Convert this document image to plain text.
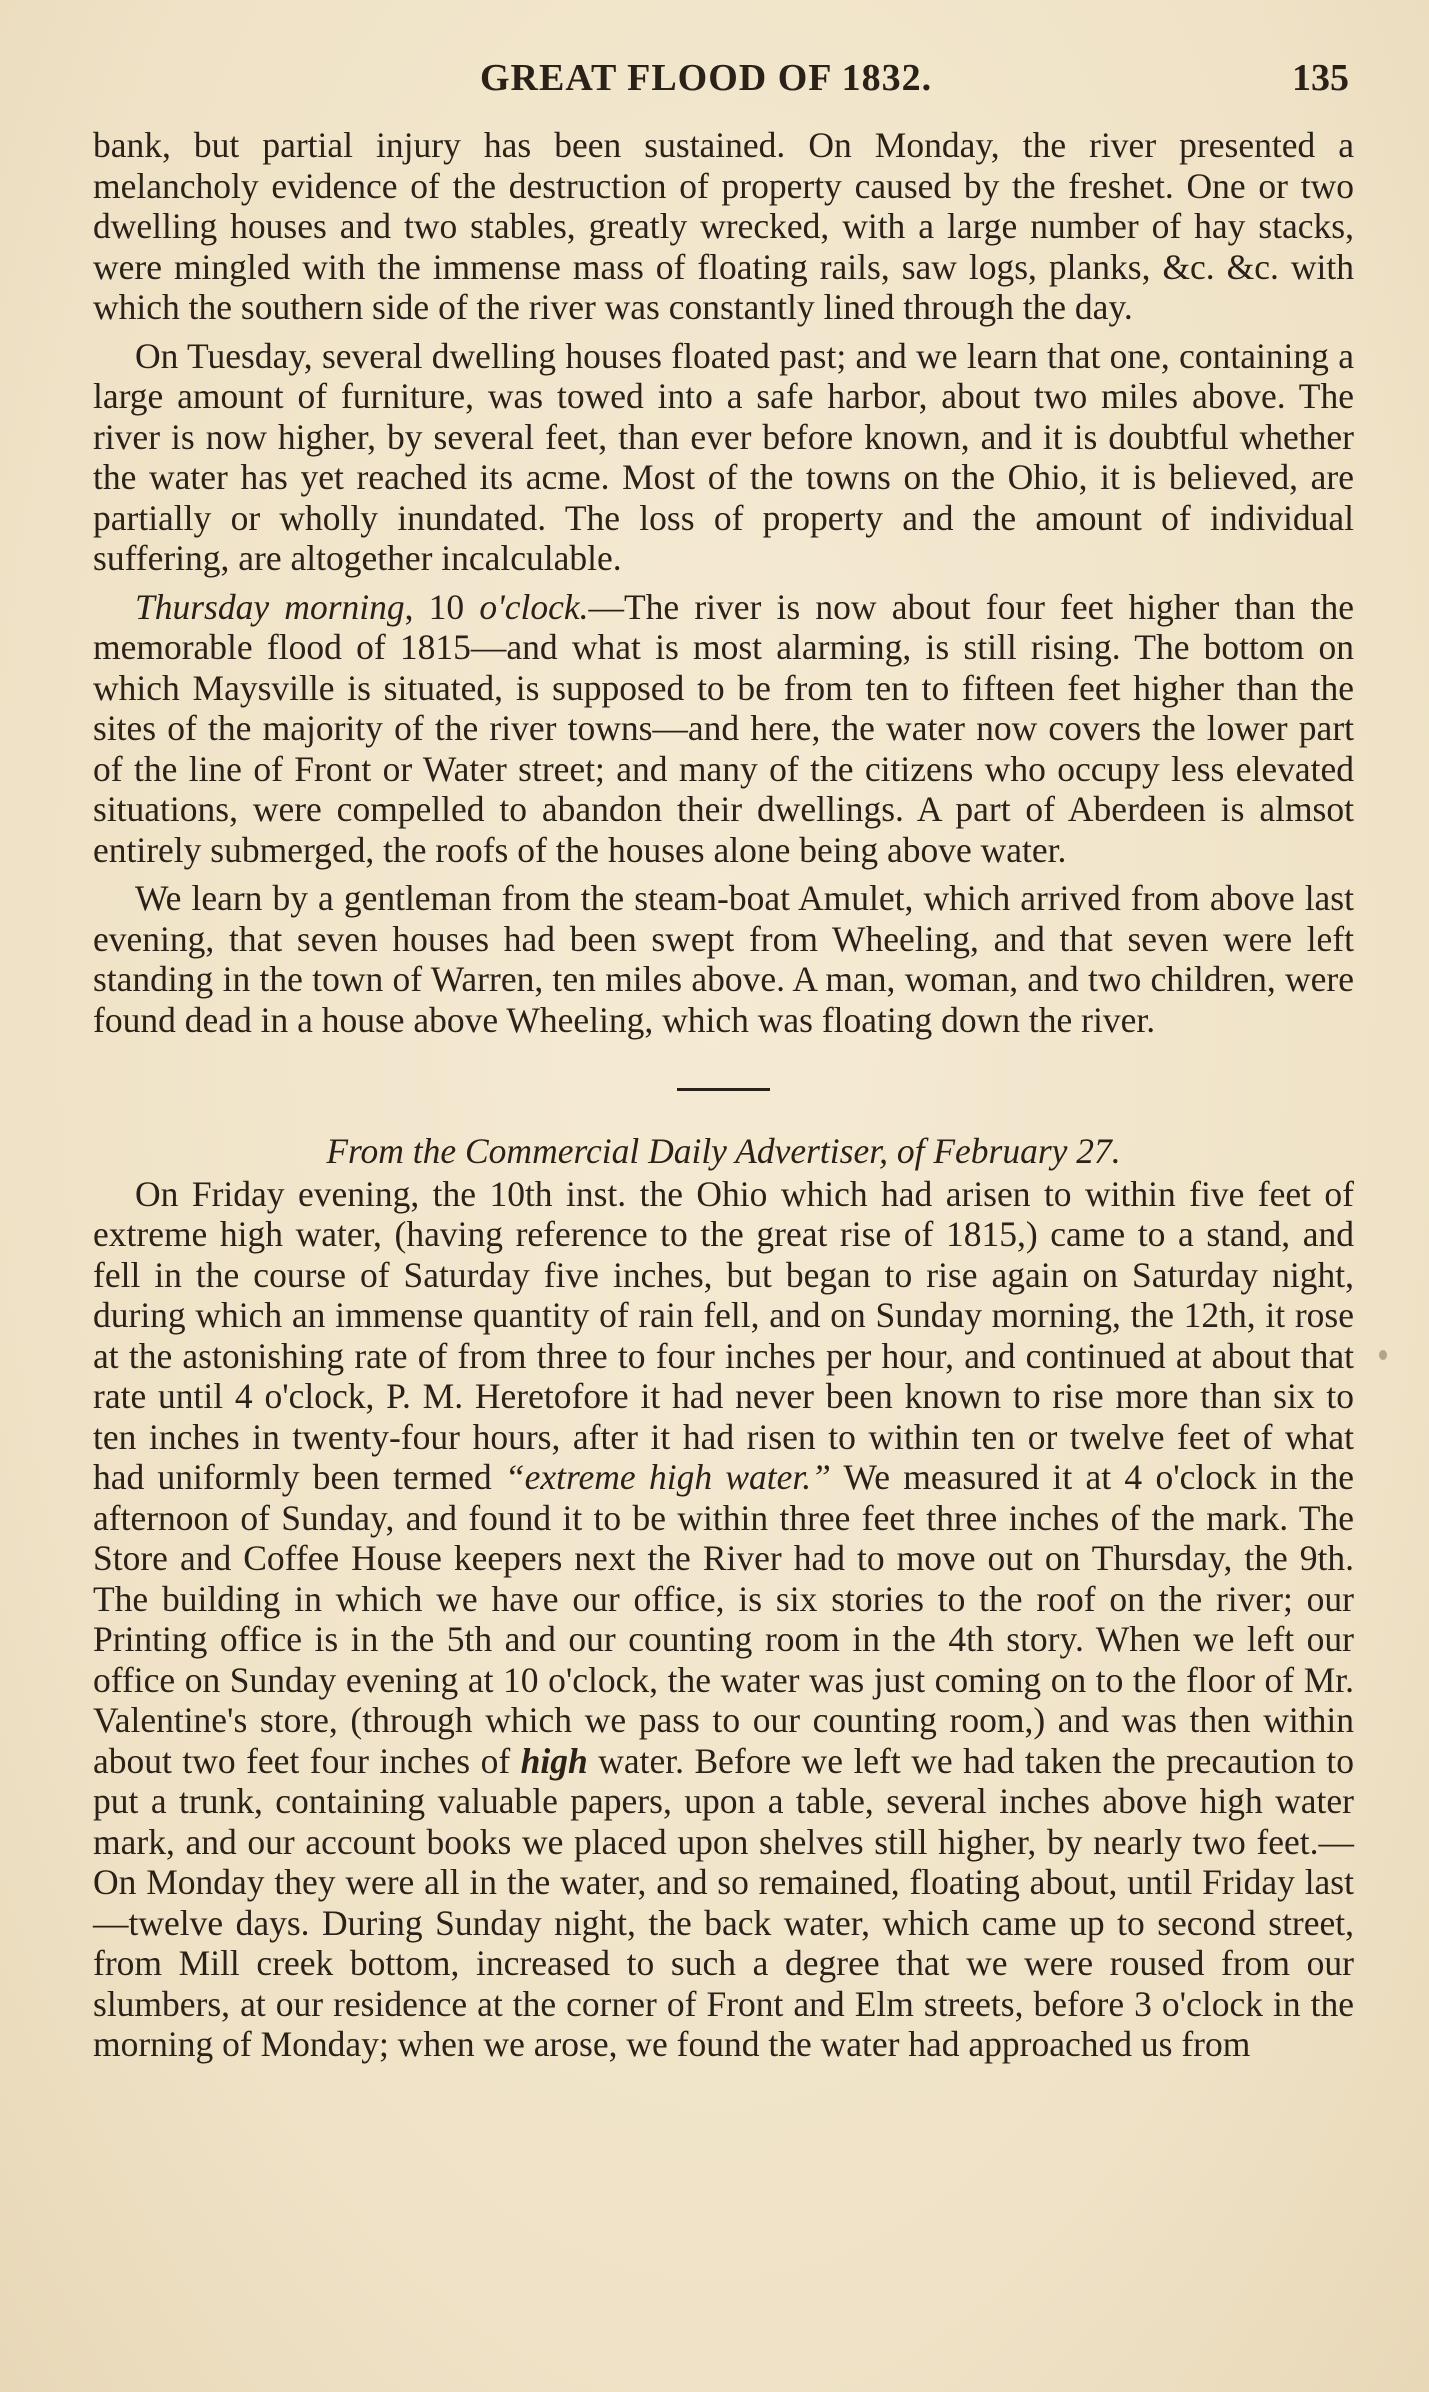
GREAT FLOOD OF 1832.	135

bank, but partial injury has been sustained. On Monday, the river presented a melancholy evidence of the destruction of property caused by the freshet. One or two dwelling houses and two stables, greatly wrecked, with a large number of hay stacks, were mingled with the immense mass of floating rails, saw logs, planks, &c. &c. with which the southern side of the river was constantly lined through the day.

On Tuesday, several dwelling houses floated past; and we learn that one, containing a large amount of furniture, was towed into a safe harbor, about two miles above. The river is now higher, by several feet, than ever before known, and it is doubtful whether the water has yet reached its acme. Most of the towns on the Ohio, it is believed, are partially or wholly inundated. The loss of property and the amount of individual suffering, are altogether incalculable.

Thursday morning, 10 o'clock.—The river is now about four feet higher than the memorable flood of 1815—and what is most alarming, is still rising. The bottom on which Maysville is situated, is supposed to be from ten to fifteen feet higher than the sites of the majority of the river towns—and here, the water now covers the lower part of the line of Front or Water street; and many of the citizens who occupy less elevated situations, were compelled to abandon their dwellings. A part of Aberdeen is almsot entirely submerged, the roofs of the houses alone being above water.

We learn by a gentleman from the steam-boat Amulet, which arrived from above last evening, that seven houses had been swept from Wheeling, and that seven were left standing in the town of Warren, ten miles above. A man, woman, and two children, were found dead in a house above Wheeling, which was floating down the river.

From the Commercial Daily Advertiser, of February 27.

On Friday evening, the 10th inst. the Ohio which had arisen to within five feet of extreme high water, (having reference to the great rise of 1815,) came to a stand, and fell in the course of Saturday five inches, but began to rise again on Saturday night, during which an immense quantity of rain fell, and on Sunday morning, the 12th, it rose at the astonishing rate of from three to four inches per hour, and continued at about that rate until 4 o'clock, P. M. Heretofore it had never been known to rise more than six to ten inches in twenty-four hours, after it had risen to within ten or twelve feet of what had uniformly been termed “extreme high water.” We measured it at 4 o'clock in the afternoon of Sunday, and found it to be within three feet three inches of the mark. The Store and Coffee House keepers next the River had to move out on Thursday, the 9th. The building in which we have our office, is six stories to the roof on the river; our Printing office is in the 5th and our counting room in the 4th story. When we left our office on Sunday evening at 10 o'clock, the water was just coming on to the floor of Mr. Valentine's store, (through which we pass to our counting room,) and was then within about two feet four inches of high water. Before we left we had taken the precaution to put a trunk, containing valuable papers, upon a table, several inches above high water mark, and our account books we placed upon shelves still higher, by nearly two feet.—On Monday they were all in the water, and so remained, floating about, until Friday last—twelve days. During Sunday night, the back water, which came up to second street, from Mill creek bottom, increased to such a degree that we were roused from our slumbers, at our residence at the corner of Front and Elm streets, before 3 o'clock in the morning of Monday; when we arose, we found the water had approached us from
